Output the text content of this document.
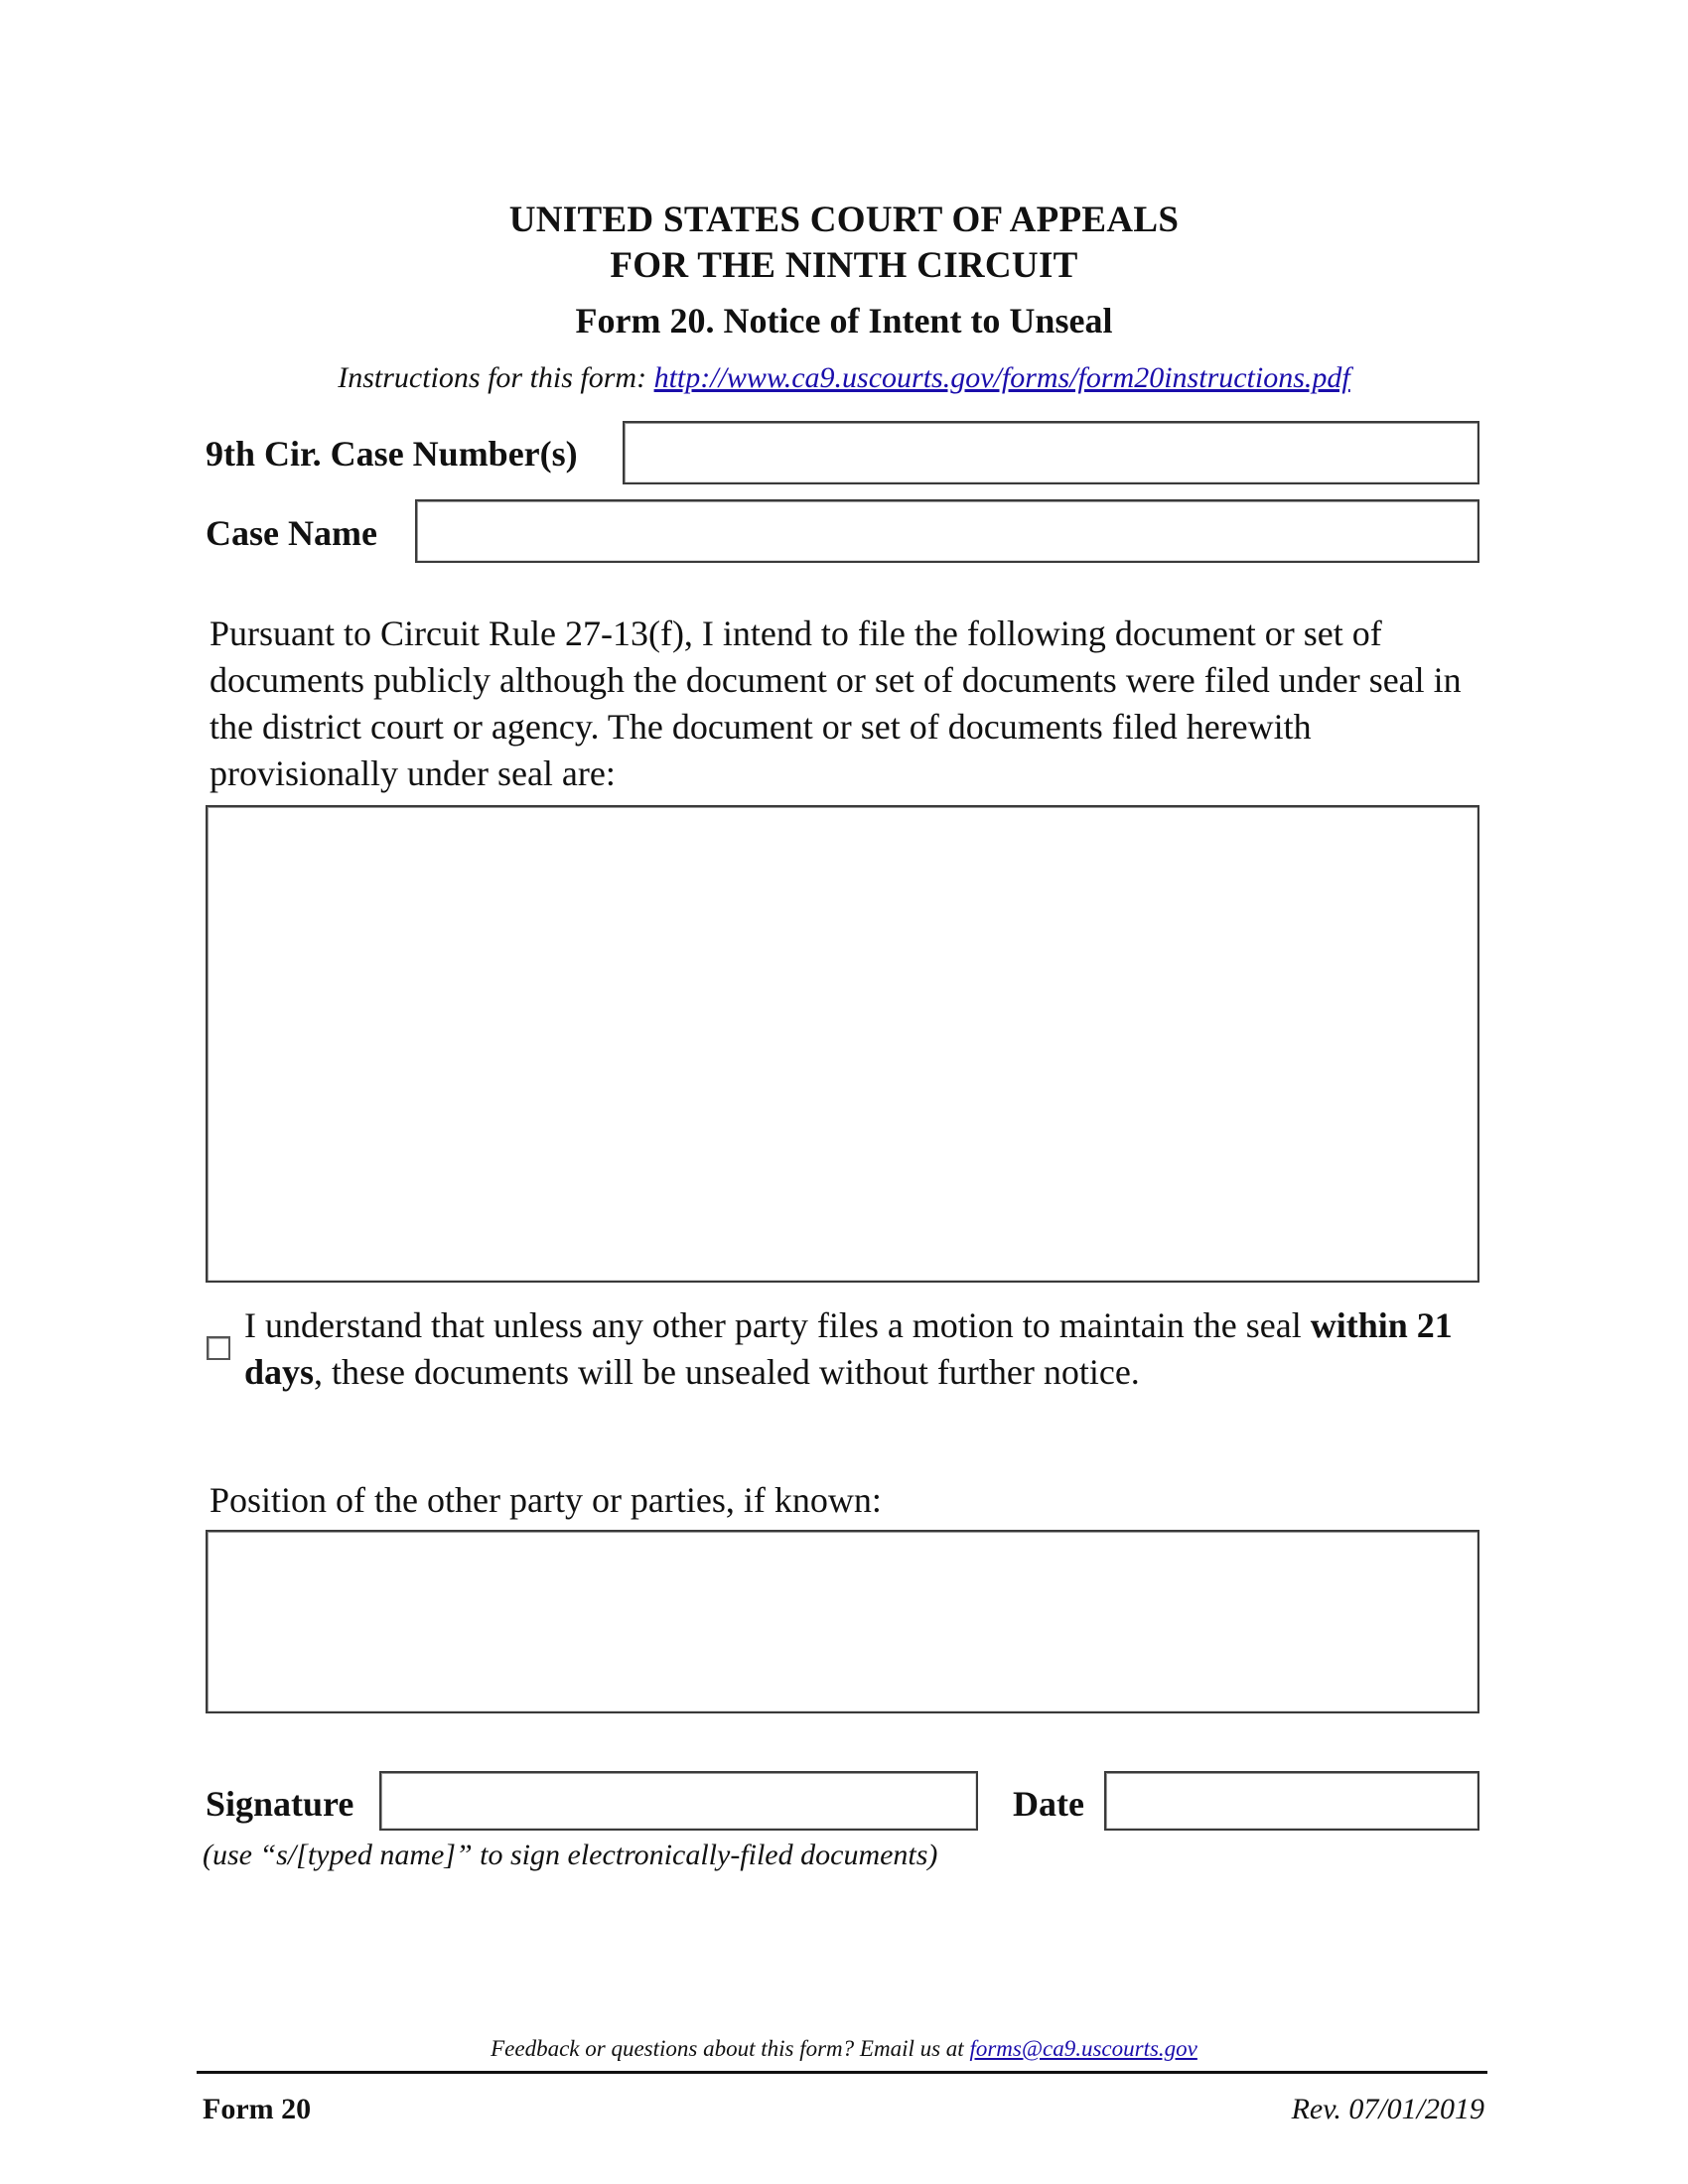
UNITED STATES COURT OF APPEALS
FOR THE NINTH CIRCUIT
Form 20. Notice of Intent to Unseal
Instructions for this form: http://www.ca9.uscourts.gov/forms/form20instructions.pdf
9th Cir. Case Number(s)
Case Name
Pursuant to Circuit Rule 27-13(f), I intend to file the following document or set of documents publicly although the document or set of documents were filed under seal in the district court or agency. The document or set of documents filed herewith provisionally under seal are:
I understand that unless any other party files a motion to maintain the seal within 21 days, these documents will be unsealed without further notice.
Position of the other party or parties, if known:
Signature	Date
(use “s/[typed name]” to sign electronically-filed documents)
Feedback or questions about this form? Email us at forms@ca9.uscourts.gov
Form 20	Rev. 07/01/2019
